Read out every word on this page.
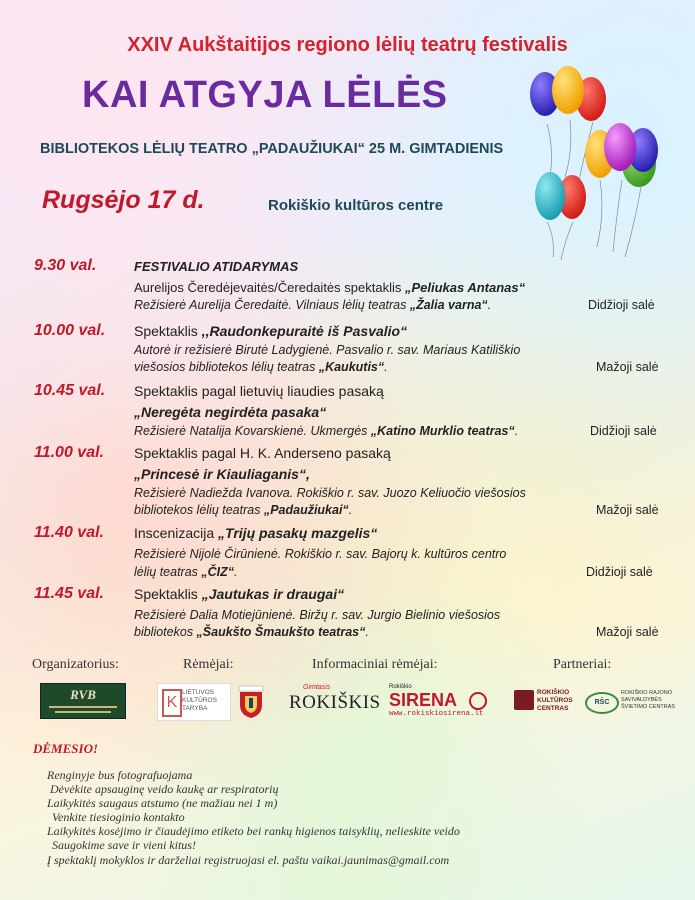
XXIV Aukštaitijos regiono lėlių teatrų festivalis
KAI ATGYJA LĖLĖS
BIBLIOTEKOS LĖLIŲ TEATRO „PADAUŽIUKAI“ 25 M. GIMTADIENIS
Rugsėjo 17 d.	Rokiškio kultūros centre
9.30 val.	FESTIVALIO ATIDARYMAS
Aurelijos Čeredėjevaitės/Čeredaitės spektaklis „Peliukas Antanas“
Režisierė Aurelija Čeredaitė. Vilniaus lėlių teatras „Žalia varna“.	Didžioji salė
10.00 val. Spektaklis ,,Raudonkepuraitė iš Pasvalio“
Autorė ir režisierė Birutė Ladygienė. Pasvalio r. sav. Mariaus Katiliškio
viešosios bibliotekos lėlių teatras „Kaukutis“.	Mažoji salė
10.45 val. Spektaklis pagal lietuvių liaudies pasaką
„Neregėta negirdėta pasaka“
Režisierė Natalija Kovarskienė. Ukmergės „Katino Murklio teatras“.	Didžioji salė
11.00 val. Spektaklis pagal H. K. Anderseno pasaką
„Princesė ir Kiauliaganis“,
Režisierė Nadiežda Ivanova. Rokiškio r. sav. Juozo Keliuočio viešosios
bibliotekos lėlių teatras „Padaužiukai“.	Mažoji salė
11.40 val. Inscenizacija „Trijų pasakų mazgelis“
Režisierė Nijolė Čirūnienė. Rokiškio r. sav. Bajorų k. kultūros centro
lėlių teatras „ČIZ“.	Didžioji salė
11.45 val. Spektaklis „Jautukas ir draugai“
Režisierė Dalia Motiejūnienė. Biržų r. sav. Jurgio Bielinio viešosios
bibliotekos „Šaukšto Šmaukšto teatras“.	Mažoji salė
Organizatorius:	Rėmėjai:	Informaciniai rėmėjai:	Partneriai:
RVB	K
LIETUVOS KULTŪROS TARYBA
Gimtasis
ROKIŠKIS
Rokiškio
SIRENA
www.rokiskiosirena.lt
ROKIŠKIO KULTŪROS CENTRAS
RŠC
ROKIŠKIO RAJONO SAVIVALDYBĖS ŠVIETIMO CENTRAS
DĖMESIO!
Renginyje bus fotografuojama
Dėvėkite apsauginę veido kaukę ar respiratorių
Laikykitės saugaus atstumo (ne mažiau nei 1 m)
Venkite tiesioginio kontakto
Laikykitės kosėjimo ir čiaudėjimo etiketo bei rankų higienos taisyklių, nelieskite veido
Saugokime save ir vieni kitus!
Į spektaklį mokyklos ir darželiai registruojasi el. paštu vaikai.jaunimas@gmail.com
